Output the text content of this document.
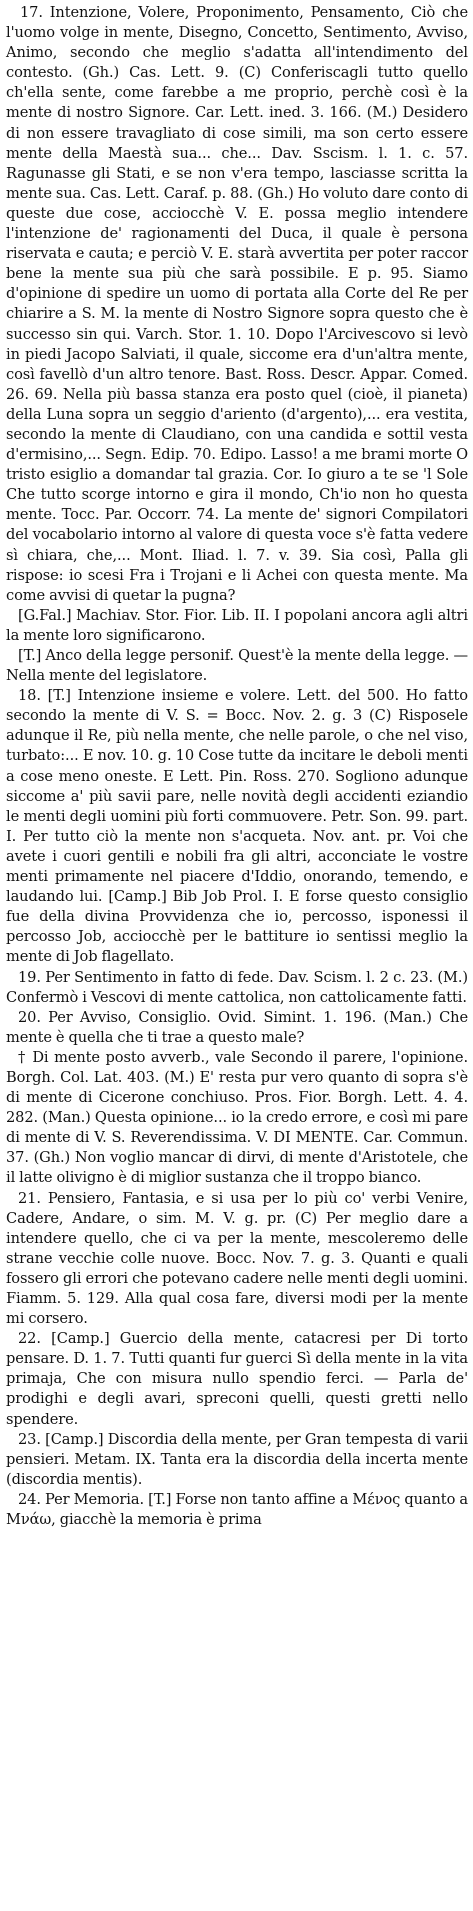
17. Intenzione, Volere, Proponimento, Pensamento, Ciò che l'uomo volge in mente, Disegno, Concetto, Sentimento, Avviso, Animo, secondo che meglio s'adatta all'intendimento del contesto. (Gh.) Cas. Lett. 9. (C) Conferiscagli tutto quello ch'ella sente, come farebbe a me proprio, perchè così è la mente di nostro Signore. Car. Lett. ined. 3. 166. (M.) Desidero di non essere travagliato di cose simili, ma son certo essere mente della Maestà sua... che... Dav. Sscism. l. 1. c. 57. Ragunasse gli Stati, e se non v'era tempo, lasciasse scritta la mente sua. Cas. Lett. Caraf. p. 88. (Gh.) Ho voluto dare conto di queste due cose, acciocchè V. E. possa meglio intendere l'intenzione de' ragionamenti del Duca, il quale è persona riservata e cauta; e perciò V. E. starà avvertita per poter raccor bene la mente sua più che sarà possibile. E p. 95. Siamo d'opinione di spedire un uomo di portata alla Corte del Re per chiarire a S. M. la mente di Nostro Signore sopra questo che è successo sin qui. Varch. Stor. 1. 10. Dopo l'Arcivescovo si levò in piedi Jacopo Salviati, il quale, siccome era d'un'altra mente, così favellò d'un altro tenore. Bast. Ross. Descr. Appar. Comed. 26. 69. Nella più bassa stanza era posto quel (cioè, il pianeta) della Luna sopra un seggio d'ariento (d'argento),... era vestita, secondo la mente di Claudiano, con una candida e sottil vesta d'ermisino,... Segn. Edip. 70. Edipo. Lasso! a me brami morte O tristo esiglio a domandar tal grazia. Cor. Io giuro a te se 'l Sole Che tutto scorge intorno e gira il mondo, Ch'io non ho questa mente. Tocc. Par. Occorr. 74. La mente de' signori Compilatori del vocabolario intorno al valore di questa voce s'è fatta vedere sì chiara, che,... Mont. Iliad. l. 7. v. 39. Sia così, Palla gli rispose: io scesi Fra i Trojani e li Achei con questa mente. Ma come avvisi di quetar la pugna?

[G.Fal.] Machiav. Stor. Fior. Lib. II. I popolani ancora agli altri la mente loro significarono.

[T.] Anco della legge personif. Quest'è la mente della legge. — Nella mente del legislatore.

18. [T.] Intenzione insieme e volere. Lett. del 500. Ho fatto secondo la mente di V. S. = Bocc. Nov. 2. g. 3 (C) Risposele adunque il Re, più nella mente, che nelle parole, o che nel viso, turbato:... E nov. 10. g. 10 Cose tutte da incitare le deboli menti a cose meno oneste. E Lett. Pin. Ross. 270. Sogliono adunque siccome a' più savii pare, nelle novità degli accidenti eziandio le menti degli uomini più forti commuovere. Petr. Son. 99. part. I. Per tutto ciò la mente non s'acqueta. Nov. ant. pr. Voi che avete i cuori gentili e nobili fra gli altri, acconciate le vostre menti primamente nel piacere d'Iddio, onorando, temendo, e laudando lui. [Camp.] Bib Job Prol. I. E forse questo consiglio fue della divina Provvidenza che io, percosso, isponessi il percosso Job, acciocchè per le battiture io sentissi meglio la mente di Job flagellato.

19. Per Sentimento in fatto di fede. Dav. Scism. l. 2 c. 23. (M.) Confermò i Vescovi di mente cattolica, non cattolicamente fatti.

20. Per Avviso, Consiglio. Ovid. Simint. 1. 196. (Man.) Che mente è quella che ti trae a questo male?

† Di mente posto avverb., vale Secondo il parere, l'opinione. Borgh. Col. Lat. 403. (M.) E' resta pur vero quanto di sopra s'è di mente di Cicerone conchiuso. Pros. Fior. Borgh. Lett. 4. 4. 282. (Man.) Questa opinione... io la credo errore, e così mi pare di mente di V. S. Reverendissima. V. DI MENTE. Car. Commun. 37. (Gh.) Non voglio mancar di dirvi, di mente d'Aristotele, che il latte olivigno è di miglior sustanza che il troppo bianco.

21. Pensiero, Fantasia, e si usa per lo più co' verbi Venire, Cadere, Andare, o sim. M. V. g. pr. (C) Per meglio dare a intendere quello, che ci va per la mente, mescoleremo delle strane vecchie colle nuove. Bocc. Nov. 7. g. 3. Quanti e quali fossero gli errori che potevano cadere nelle menti degli uomini. Fiamm. 5. 129. Alla qual cosa fare, diversi modi per la mente mi corsero.

22. [Camp.] Guercio della mente, catacresi per Di torto pensare. D. 1. 7. Tutti quanti fur guerci Sì della mente in la vita primaja, Che con misura nullo spendio ferci. — Parla de' prodighi e degli avari, spreconi quelli, questi gretti nello spendere.

23. [Camp.] Discordia della mente, per Gran tempesta di varii pensieri. Metam. IX. Tanta era la discordia della incerta mente (discordia mentis).

24. Per Memoria. [T.] Forse non tanto affine a Μένος quanto a Μνάω, giacchè la memoria è prima
